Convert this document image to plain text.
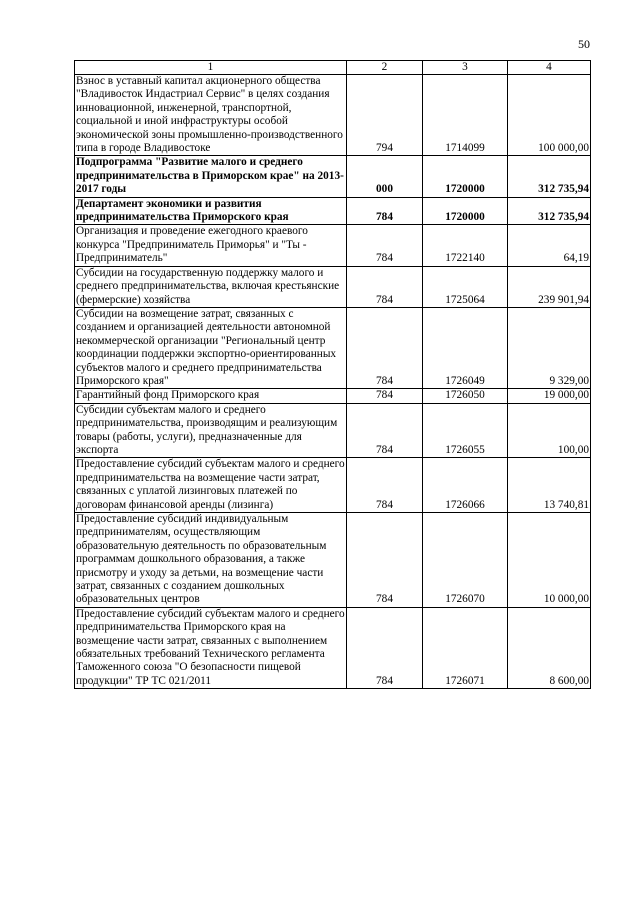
50
1	2	3	4
Взнос в уставный капитал акционерного общества "Владивосток Индастриал Сервис" в целях создания инновационной, инженерной, транспортной, социальной и иной инфраструктуры особой экономической зоны промышленно-производственного типа в городе Владивостоке	794	1714099	100 000,00
Подпрограмма "Развитие малого и среднего предпринимательства в Приморском крае" на 2013-2017 годы	000	1720000	312 735,94
Департамент экономики и развития предпринимательства Приморского края	784	1720000	312 735,94
Организация и проведение ежегодного краевого конкурса "Предприниматель Приморья" и "Ты - Предприниматель"	784	1722140	64,19
Субсидии на государственную поддержку малого и среднего предпринимательства, включая крестьянские (фермерские) хозяйства	784	1725064	239 901,94
Субсидии на возмещение затрат, связанных с созданием и организацией деятельности автономной некоммерческой организации "Региональный центр координации поддержки экспортно-ориентированных субъектов малого и среднего предпринимательства Приморского края"	784	1726049	9 329,00
Гарантийный фонд Приморского края	784	1726050	19 000,00
Субсидии субъектам малого и среднего предпринимательства, производящим и реализующим товары (работы, услуги), предназначенные для экспорта	784	1726055	100,00
Предоставление субсидий субъектам малого и среднего предпринимательства на возмещение части затрат, связанных с уплатой лизинговых платежей по договорам финансовой аренды (лизинга)	784	1726066	13 740,81
Предоставление субсидий индивидуальным предпринимателям, осуществляющим образовательную деятельность по образовательным программам дошкольного образования, а также присмотру и уходу за детьми, на возмещение части затрат, связанных с созданием дошкольных образовательных центров	784	1726070	10 000,00
Предоставление субсидий субъектам малого и среднего предпринимательства Приморского края на возмещение части затрат, связанных с выполнением обязательных требований Технического регламента Таможенного союза "О безопасности пищевой продукции" ТР ТС 021/2011	784	1726071	8 600,00
